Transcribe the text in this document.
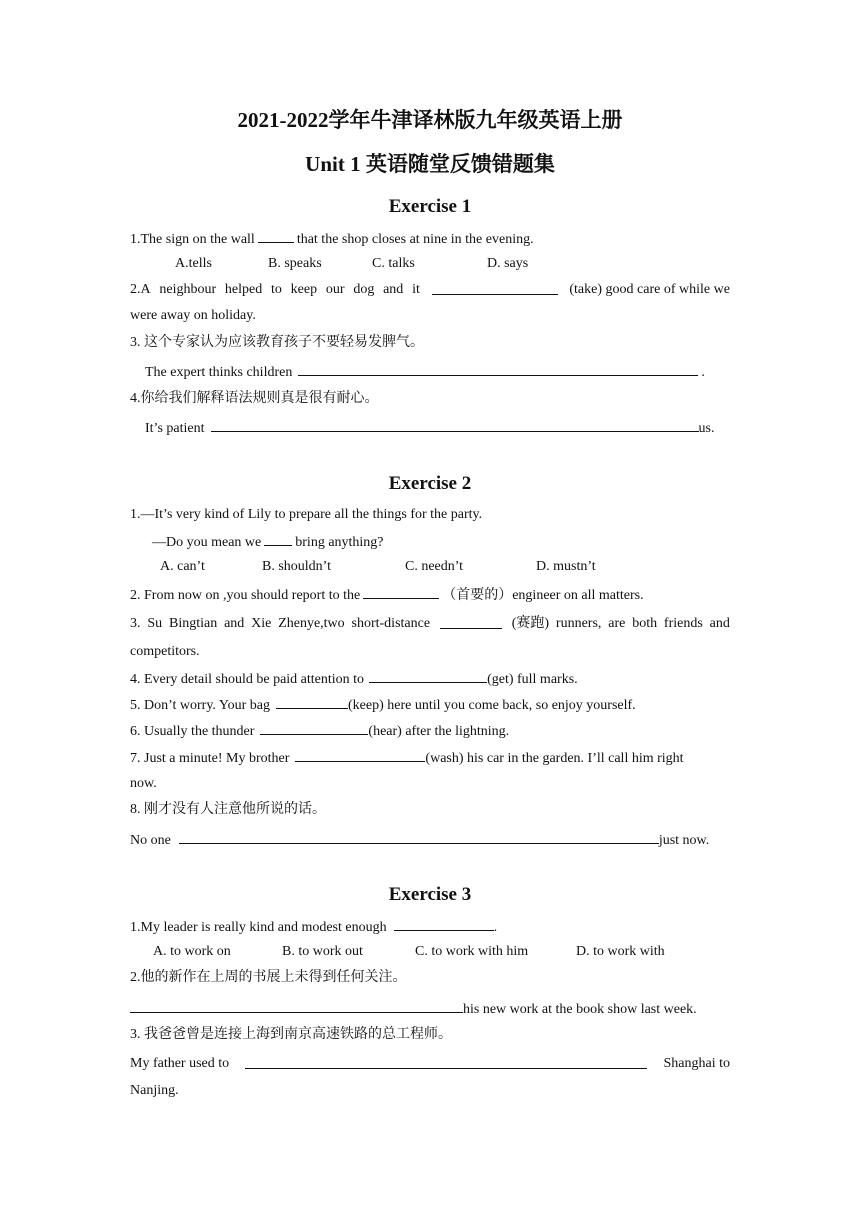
2021-2022学年牛津译林版九年级英语上册
Unit 1 英语随堂反馈错题集
Exercise 1
1.The sign on the wall	that the shop closes at nine in the evening.
A.tells	B. speaks	C. talks	D. says
2.A neighbour helped to keep our dog and it	(take) good care of while we
were away on holiday.
3. 这个专家认为应该教育孩子不要轻易发脾气。
The expert thinks children	.
4.你给我们解释语法规则真是很有耐心。
It’s patient	us.
Exercise 2
1.—It’s very kind of Lily to prepare all the things for the party.
—Do you mean we bring anything?
A. can’t	B. shouldn’t	C. needn’t	D. mustn’t
2. From now on ,you should report to the	（首要的）engineer on all matters.
3. Su Bingtian and Xie Zhenye,two short-distance	(赛跑) runners, are both friends and
competitors.
4. Every detail should be paid attention to	(get) full marks.
5. Don’t worry. Your bag	(keep) here until you come back, so enjoy yourself.
6. Usually the thunder	(hear) after the lightning.
7. Just a minute! My brother	(wash) his car in the garden. I’ll call him right
now.
8. 刚才没有人注意他所说的话。
No one	just now.
Exercise 3
1.My leader is really kind and modest enough	.
A. to work on	B. to work out	C. to work with him	D. to work with
2.他的新作在上周的书展上未得到任何关注。
his new work at the book show last week.
3. 我爸爸曾是连接上海到南京高速铁路的总工程师。
My father used to	Shanghai to
Nanjing.
